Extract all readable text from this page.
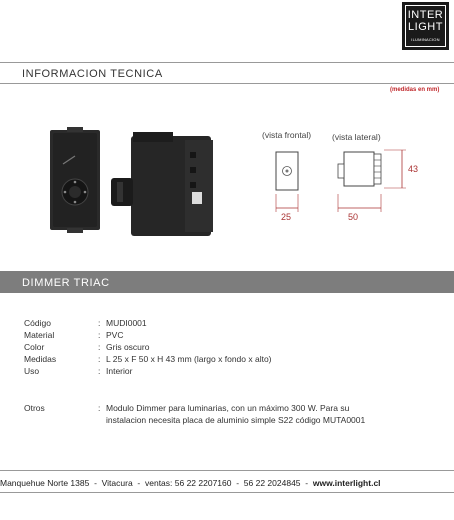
INTER
LIGHT
ILUMINACION
INFORMACION TECNICA
(medidas en mm)
(vista frontal) (vista lateral)
25	50
43
DIMMER TRIAC
Código	: MUDI0001
Material	: PVC
Color	: Gris oscuro
Medidas	: L 25 x F 50 x H 43 mm (largo x fondo x alto)
Uso	: Interior
Otros	: Modulo Dimmer para luminarias, con un máximo 300 W. Para su
instalacion necesita placa de aluminio simple S22 código MUTA0001
Manquehue Norte 1385 - Vitacura - ventas: 56 22 2207160 - 56 22 2024845 - www.interlight.cl
